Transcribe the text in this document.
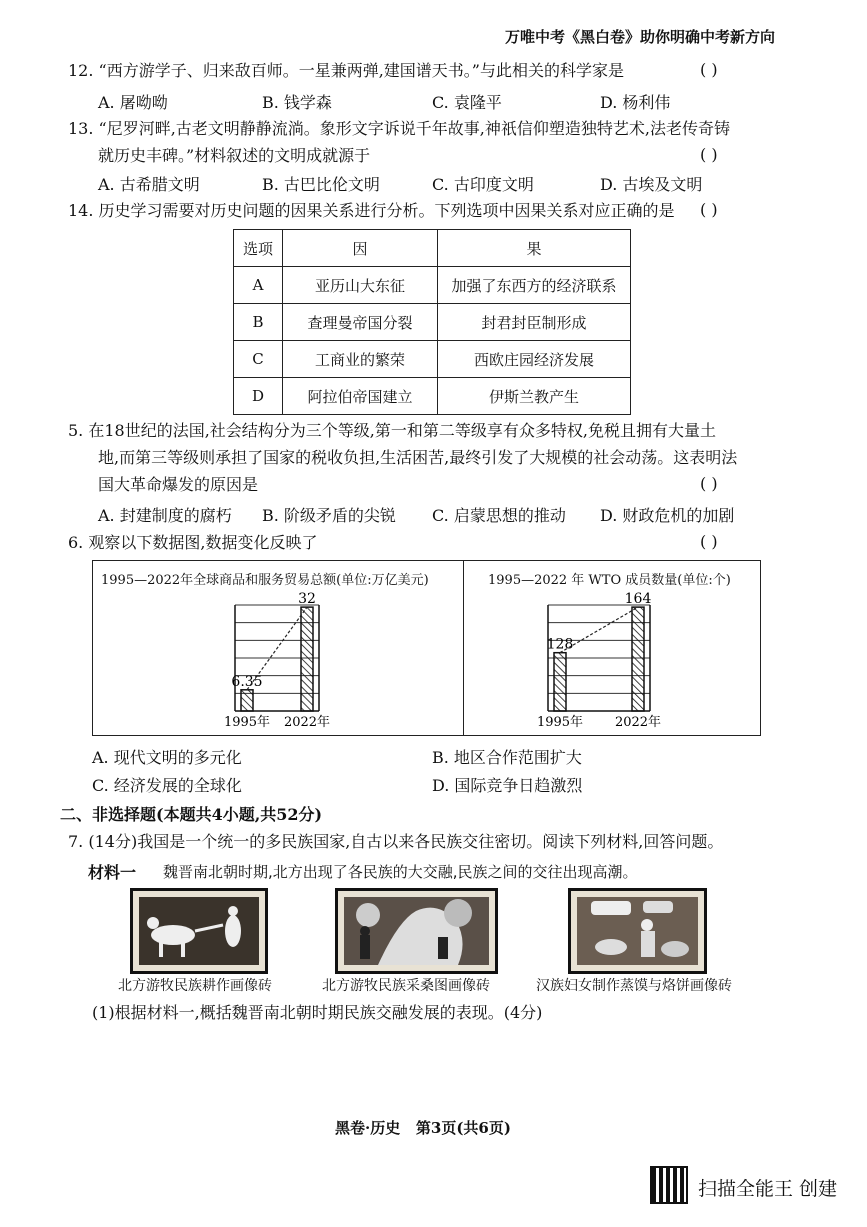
万唯中考《黑白卷》助你明确中考新方向
12. “西方游学子、归来敌百师。一星兼两弹,建国谱天书。”与此相关的科学家是	( )
A. 屠呦呦	B. 钱学森	C. 袁隆平	D. 杨利伟
13. “尼罗河畔,古老文明静静流淌。象形文字诉说千年故事,神祇信仰塑造独特艺术,法老传奇铸
就历史丰碑。”材料叙述的文明成就源于	( )
A. 古希腊文明	B. 古巴比伦文明	C. 古印度文明	D. 古埃及文明
14. 历史学习需要对历史问题的因果关系进行分析。下列选项中因果关系对应正确的是 ( )
选项	因	果
A	亚历山大东征	加强了东西方的经济联系
B	查理曼帝国分裂	封君封臣制形成
C	工商业的繁荣	西欧庄园经济发展
D	阿拉伯帝国建立	伊斯兰教产生
5. 在18世纪的法国,社会结构分为三个等级,第一和第二等级享有众多特权,免税且拥有大量土
地,而第三等级则承担了国家的税收负担,生活困苦,最终引发了大规模的社会动荡。这表明法
国大革命爆发的原因是	( )
A. 封建制度的腐朽 B. 阶级矛盾的尖锐 C. 启蒙思想的推动 D. 财政危机的加剧
6. 观察以下数据图,数据变化反映了	( )
1995—2022年全球商品和服务贸易总额(单位:万亿美元)
6.35
1995年
32
2022年
1995—2022 年 WTO 成员数量(单位:个)
128
1995年
164
2022年
A. 现代文明的多元化	B. 地区合作范围扩大
C. 经济发展的全球化	D. 国际竞争日趋激烈
二、非选择题(本题共4小题,共52分)
7. (14分)我国是一个统一的多民族国家,自古以来各民族交往密切。阅读下列材料,回答问题。
材料一 魏晋南北朝时期,北方出现了各民族的大交融,民族之间的交往出现高潮。
北方游牧民族耕作画像砖	北方游牧民族采桑图画像砖	汉族妇女制作蒸馍与烙饼画像砖
(1)根据材料一,概括魏晋南北朝时期民族交融发展的表现。(4分)
黑卷·历史   第3页(共6页)
扫描全能王 创建
